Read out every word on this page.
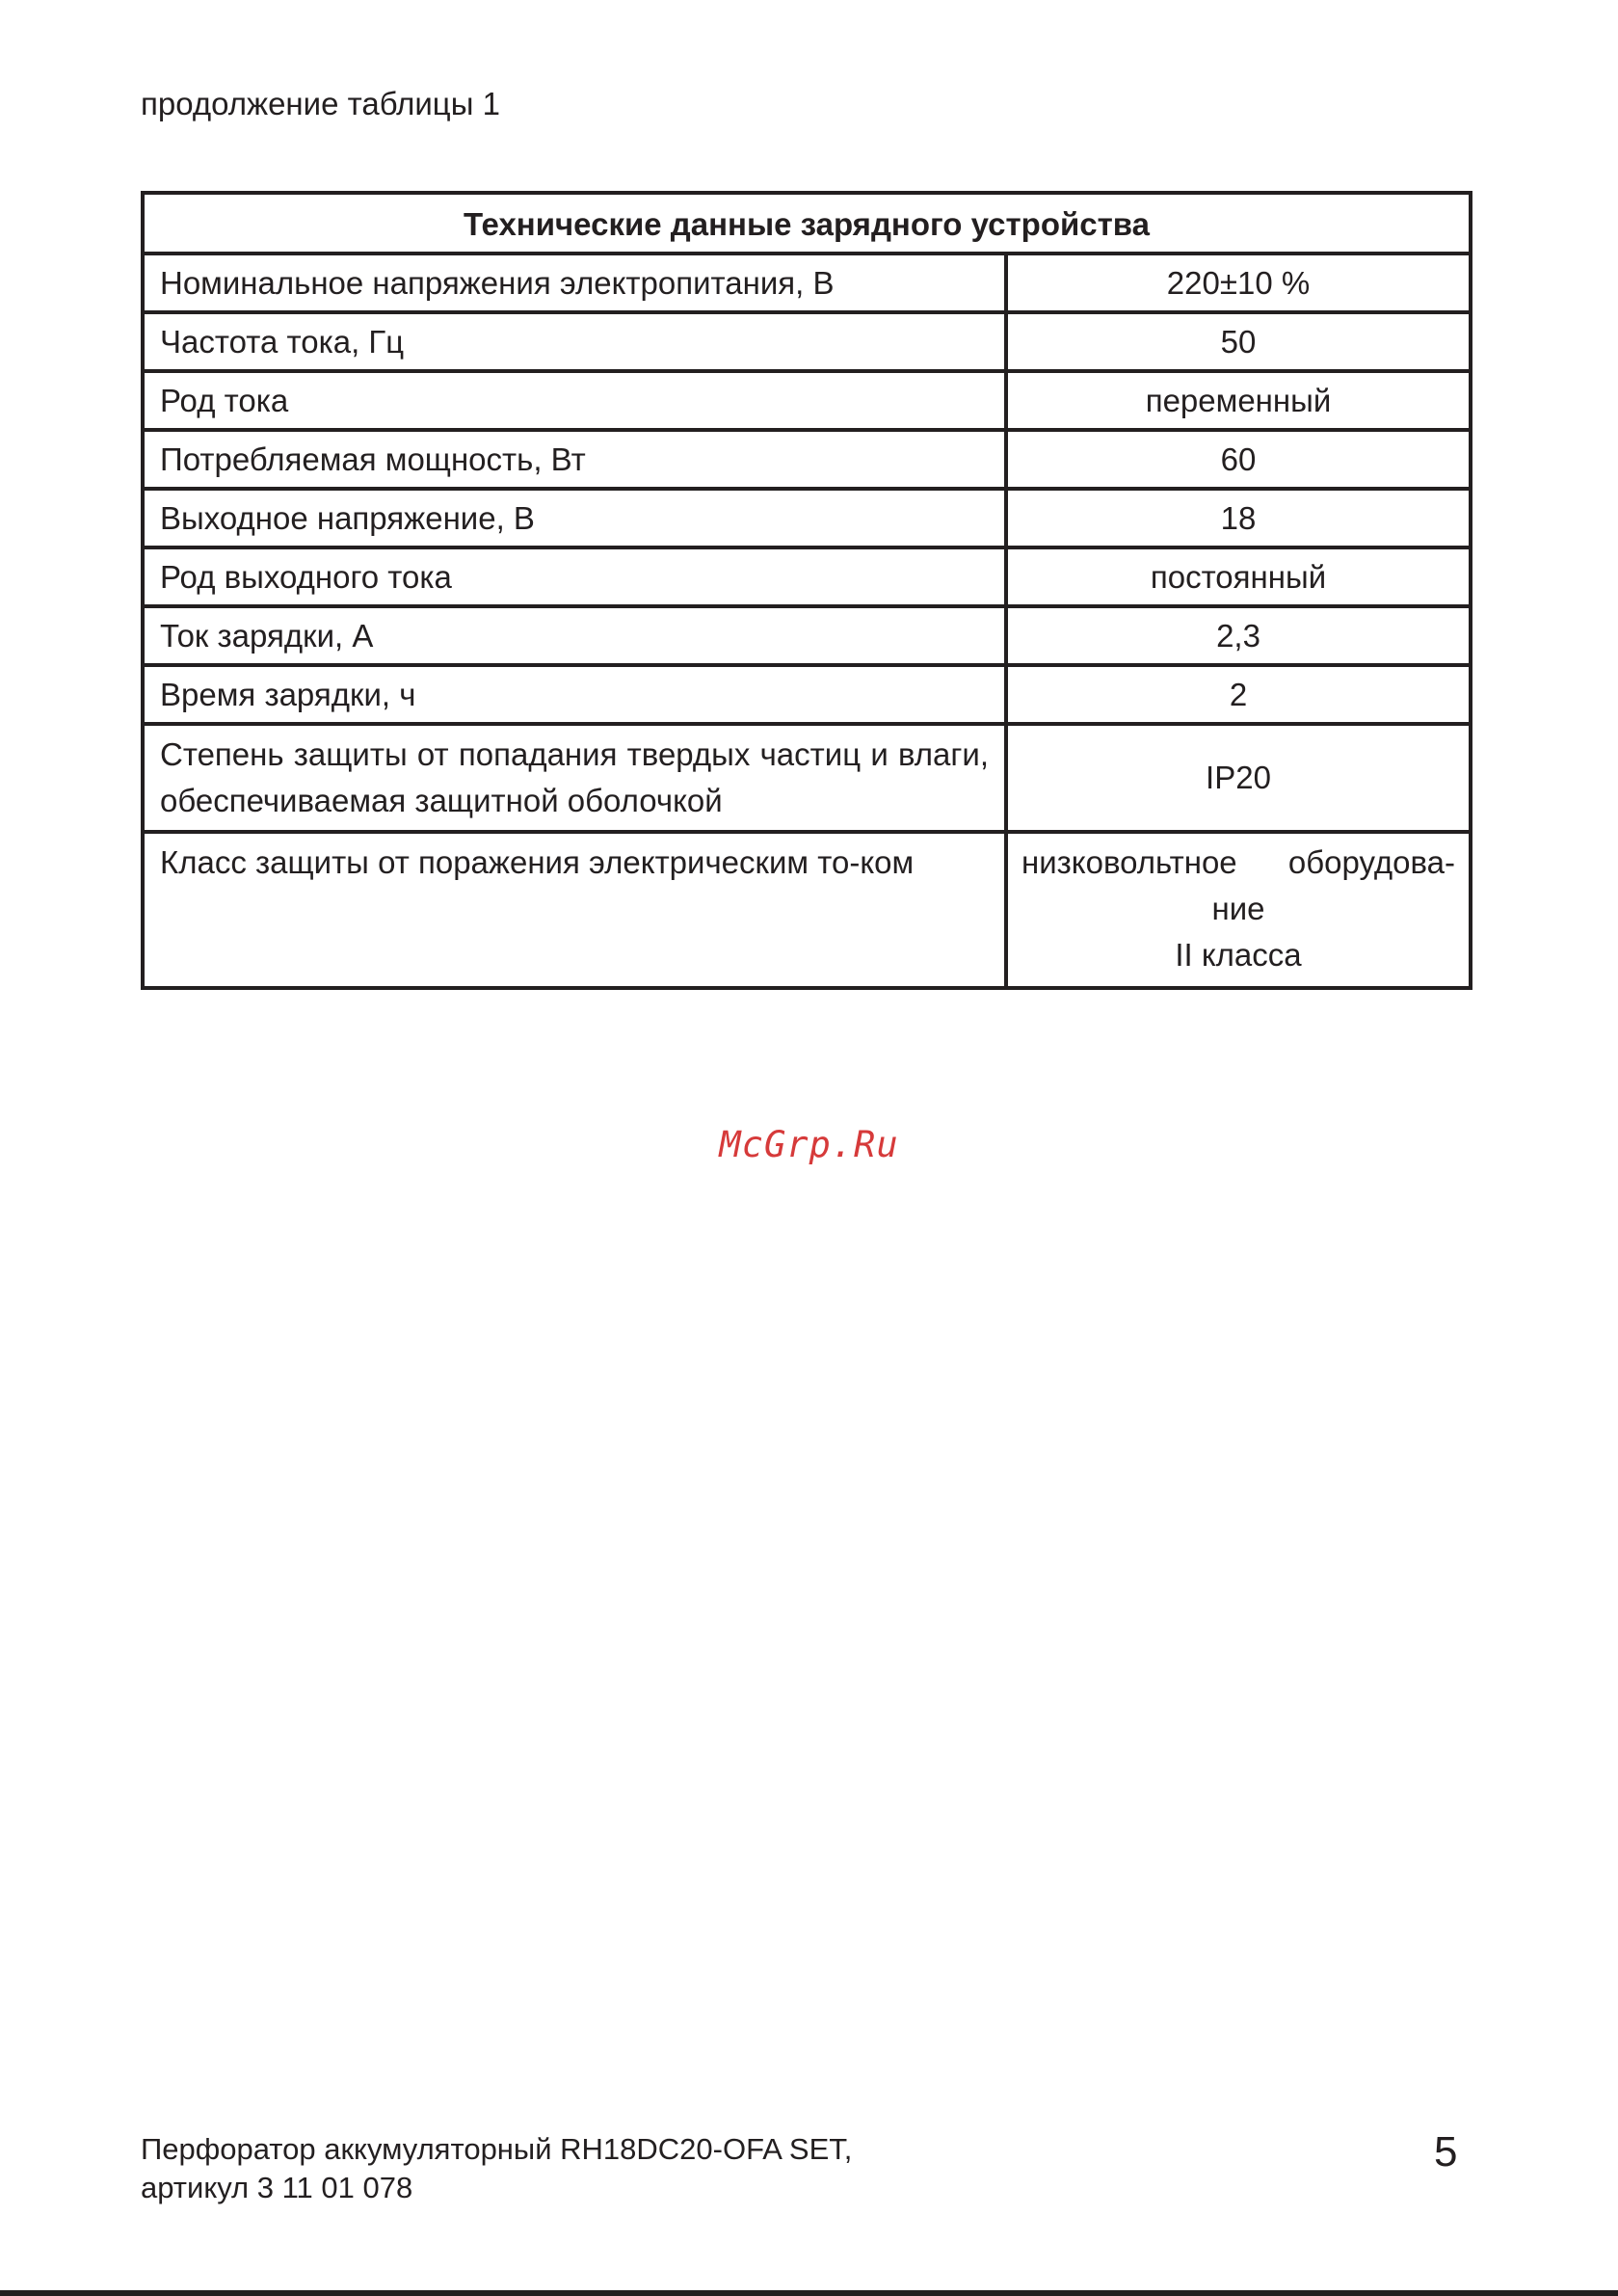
продолжение таблицы 1

Технические данные зарядного устройства	
Номинальное напряжения электропитания, В	220±10 %
Частота тока, Гц	50
Род тока	переменный
Потребляемая мощность, Вт	60
Выходное напряжение, В	18
Род выходного тока	постоянный
Ток зарядки, А	2,3
Время зарядки, ч	2
Степень защиты от попадания твердых частиц и влаги, обеспечиваемая защитной оболочкой	IP20
Класс защиты от поражения электрическим то-ком	низковольтное оборудова-
ние
II класса

McGrp.Ru

Перфоратор аккумуляторный RH18DC20-OFA SET,
артикул 3 11 01 078

5
